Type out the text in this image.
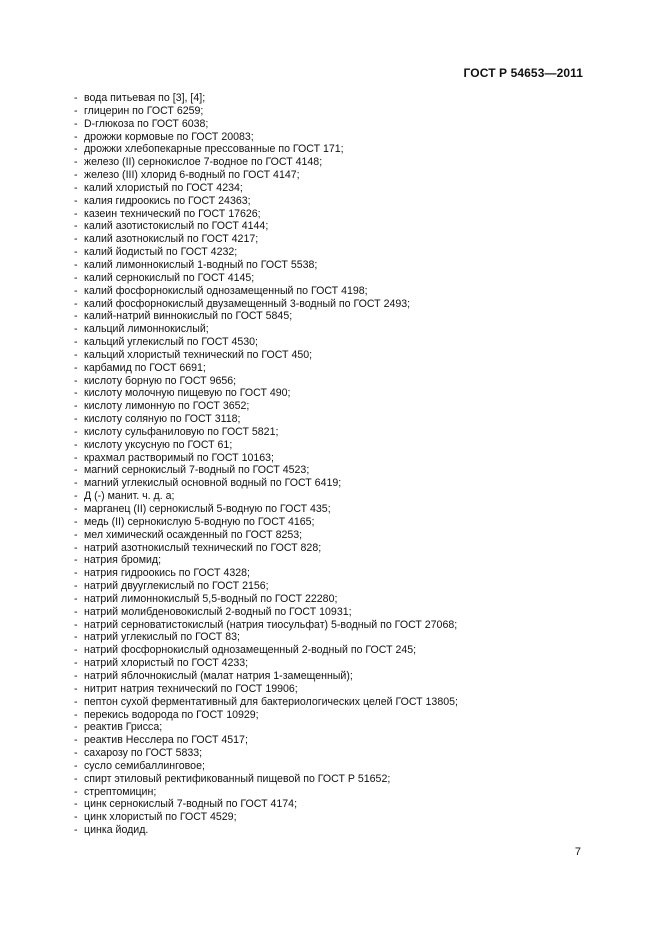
ГОСТ Р 54653—2011
- вода питьевая по [3], [4];
- глицерин по ГОСТ 6259;
- D-глюкоза по ГОСТ 6038;
- дрожжи кормовые по ГОСТ 20083;
- дрожжи хлебопекарные прессованные по ГОСТ 171;
- железо (II) сернокислое 7-водное по ГОСТ 4148;
- железо (III) хлорид 6-водный по ГОСТ 4147;
- калий хлористый по ГОСТ 4234;
- калия гидроокись по ГОСТ 24363;
- казеин технический по ГОСТ 17626;
- калий азотистокислый по ГОСТ 4144;
- калий азотнокислый по ГОСТ 4217;
- калий йодистый по ГОСТ 4232;
- калий лимоннокислый 1-водный по ГОСТ 5538;
- калий сернокислый по ГОСТ 4145;
- калий фосфорнокислый однозамещенный по ГОСТ 4198;
- калий фосфорнокислый двузамещенный 3-водный по ГОСТ 2493;
- калий-натрий виннокислый по ГОСТ 5845;
- кальций лимоннокислый;
- кальций углекислый по ГОСТ 4530;
- кальций хлористый технический по ГОСТ 450;
- карбамид по ГОСТ 6691;
- кислоту борную по ГОСТ 9656;
- кислоту молочную пищевую по ГОСТ 490;
- кислоту лимонную по ГОСТ 3652;
- кислоту соляную по ГОСТ 3118;
- кислоту сульфаниловую по ГОСТ 5821;
- кислоту уксусную по ГОСТ 61;
- крахмал растворимый по ГОСТ 10163;
- магний сернокислый 7-водный по ГОСТ 4523;
- магний углекислый основной водный по ГОСТ 6419;
- Д (-) манит. ч. д. а;
- марганец (II) сернокислый 5-водную по ГОСТ 435;
- медь (II) сернокислую 5-водную по ГОСТ 4165;
- мел химический осажденный по ГОСТ 8253;
- натрий азотнокислый технический по ГОСТ 828;
- натрия бромид;
- натрия гидроокись по ГОСТ 4328;
- натрий двууглекислый по ГОСТ 2156;
- натрий лимоннокислый 5,5-водный по ГОСТ 22280;
- натрий молибденовокислый 2-водный по ГОСТ 10931;
- натрий серноватистокислый (натрия тиосульфат) 5-водный по ГОСТ 27068;
- натрий углекислый по ГОСТ 83;
- натрий фосфорнокислый однозамещенный 2-водный по ГОСТ 245;
- натрий хлористый по ГОСТ 4233;
- натрий яблочнокислый (малат натрия 1-замещенный);
- нитрит натрия технический по ГОСТ 19906;
- пептон сухой ферментативный для бактериологических целей ГОСТ 13805;
- перекись водорода по ГОСТ 10929;
- реактив Грисса;
- реактив Несслера по ГОСТ 4517;
- сахарозу по ГОСТ 5833;
- сусло семибаллинговое;
- спирт этиловый ректификованный пищевой по ГОСТ Р 51652;
- стрептомицин;
- цинк сернокислый 7-водный по ГОСТ 4174;
- цинк хлористый по ГОСТ 4529;
- цинка йодид.
7
